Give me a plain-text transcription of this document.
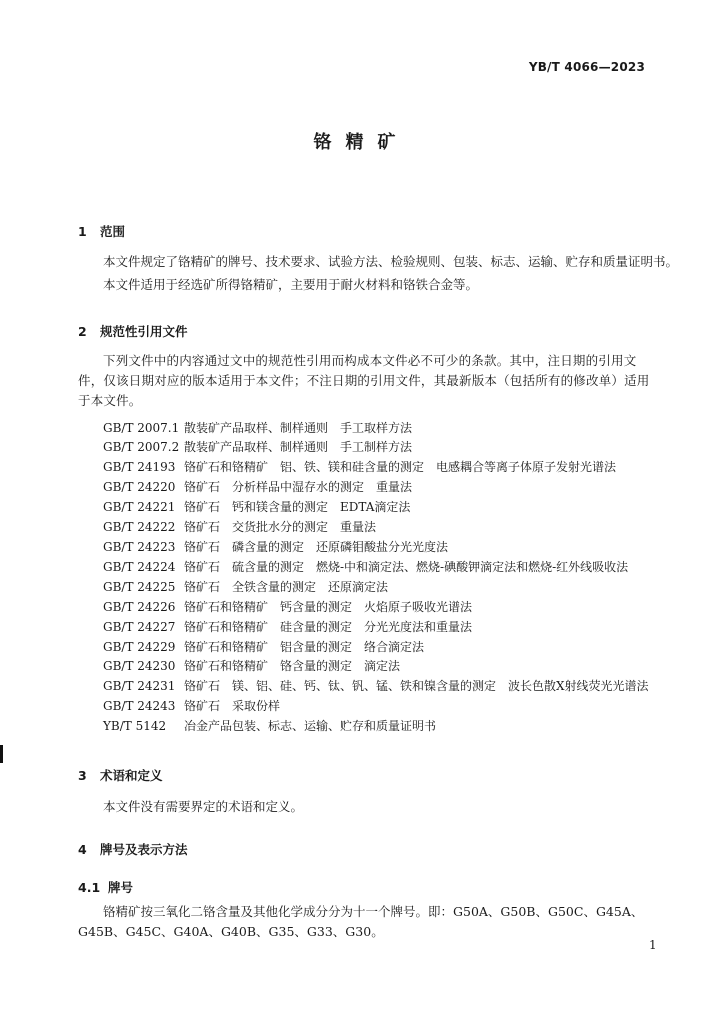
YB/T 4066—2023
铬精矿
1 范围
本文件规定了铬精矿的牌号、技术要求、试验方法、检验规则、包装、标志、运输、贮存和质量证明书。
本文件适用于经选矿所得铬精矿，主要用于耐火材料和铬铁合金等。
2 规范性引用文件
下列文件中的内容通过文中的规范性引用而构成本文件必不可少的条款。其中，注日期的引用文件，仅该日期对应的版本适用于本文件；不注日期的引用文件，其最新版本（包括所有的修改单）适用于本文件。
GB/T 2007.1 散装矿产品取样、制样通则　手工取样方法
GB/T 2007.2 散装矿产品取样、制样通则　手工制样方法
GB/T 24193 铬矿石和铬精矿　铝、铁、镁和硅含量的测定　电感耦合等离子体原子发射光谱法
GB/T 24220 铬矿石　分析样品中湿存水的测定　重量法
GB/T 24221 铬矿石　钙和镁含量的测定　EDTA滴定法
GB/T 24222 铬矿石　交货批水分的测定　重量法
GB/T 24223 铬矿石　磷含量的测定　还原磷钼酸盐分光光度法
GB/T 24224 铬矿石　硫含量的测定　燃烧-中和滴定法、燃烧-碘酸钾滴定法和燃烧-红外线吸收法
GB/T 24225 铬矿石　全铁含量的测定　还原滴定法
GB/T 24226 铬矿石和铬精矿　钙含量的测定　火焰原子吸收光谱法
GB/T 24227 铬矿石和铬精矿　硅含量的测定　分光光度法和重量法
GB/T 24229 铬矿石和铬精矿　铝含量的测定　络合滴定法
GB/T 24230 铬矿石和铬精矿　铬含量的测定　滴定法
GB/T 24231 铬矿石　镁、铝、硅、钙、钛、钒、锰、铁和镍含量的测定　波长色散X射线荧光光谱法
GB/T 24243 铬矿石　采取份样
YB/T 5142 冶金产品包装、标志、运输、贮存和质量证明书
3 术语和定义
本文件没有需要界定的术语和定义。
4 牌号及表示方法
4.1 牌号
铬精矿按三氧化二铬含量及其他化学成分分为十一个牌号。即：G50A、G50B、G50C、G45A、G45B、G45C、G40A、G40B、G35、G33、G30。
1
